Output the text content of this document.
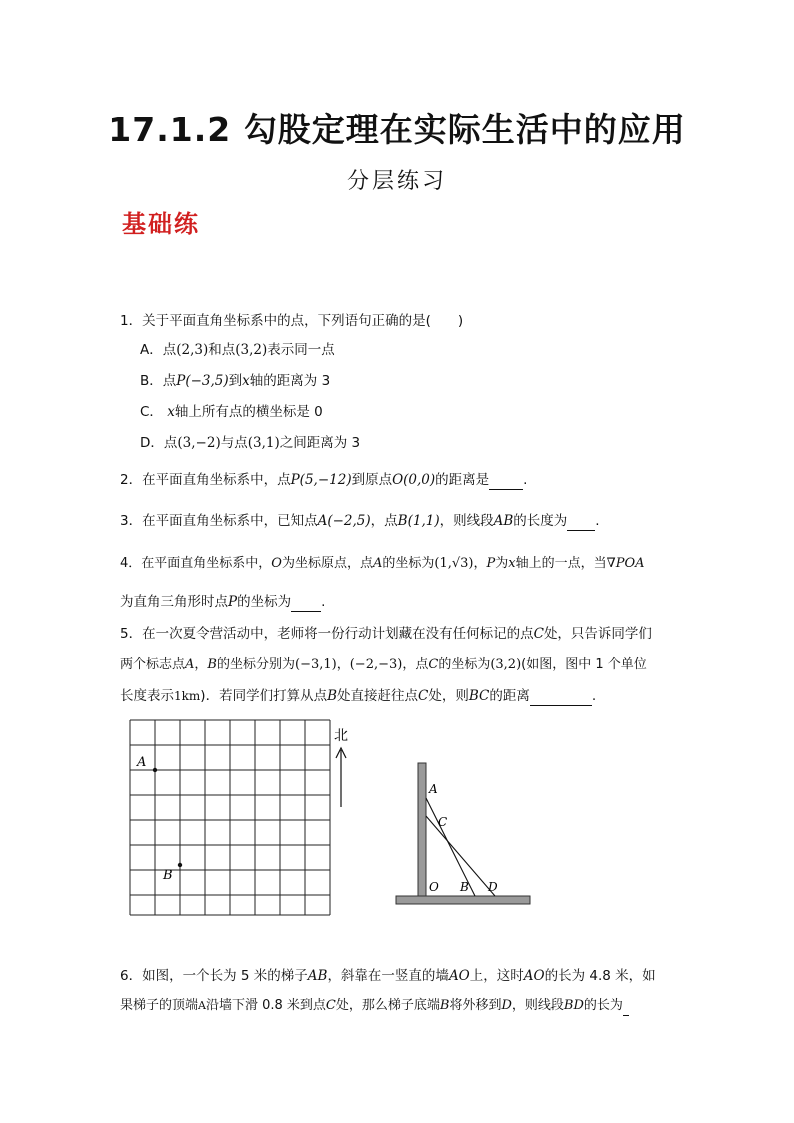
17.1.2 勾股定理在实际生活中的应用
分层练习
基础练
1．关于平面直角坐标系中的点，下列语句正确的是(　　)
A．点(2,3)和点(3,2)表示同一点
B．点P(−3,5)到x轴的距离为 3
C． x轴上所有点的横坐标是 0
D．点(3,−2)与点(3,1)之间距离为 3
2．在平面直角坐标系中，点P(5,−12)到原点O(0,0)的距离是	.
3．在平面直角坐标系中，已知点A(−2,5)，点B(1,1)，则线段AB的长度为 .
4．在平面直角坐标系中，O为坐标原点，点A的坐标为(1,√3)，P为x轴上的一点，当∇POA
为直角三角形时点P的坐标为 .
5．在一次夏令营活动中，老师将一份行动计划藏在没有任何标记的点C处，只告诉同学们
两个标志点A，B的坐标分别为(−3,1)，(−2,−3)，点C的坐标为(3,2)(如图，图中 1 个单位
长度表示1km)．若同学们打算从点B处直接赶往点C处，则BC的距离	.
A
B
北
A
C
O B D
6．如图，一个长为 5 米的梯子AB，斜靠在一竖直的墙AO上，这时AO的长为 4.8 米，如
果梯子的顶端A沿墙下滑 0.8 米到点C处，那么梯子底端B将外移到D，则线段BD的长为
